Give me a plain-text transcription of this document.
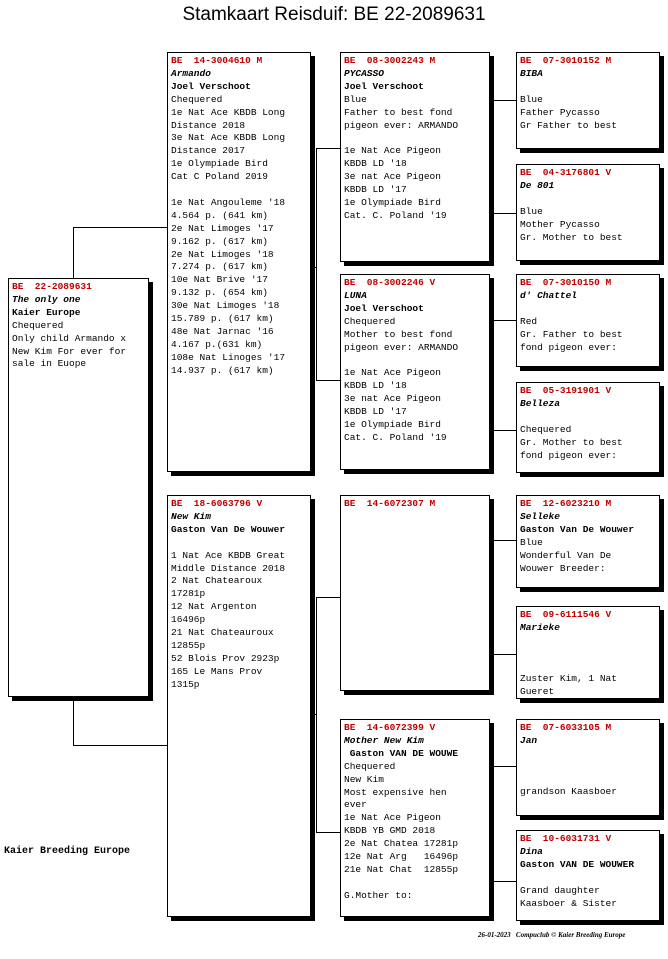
Stamkaart Reisduif: BE 22-2089631
BE  22-2089631
The only one
Kaier Europe
Chequered
Only child Armando x
New Kim For ever for
sale in Euope
BE  14-3004610 M
Armando
Joel Verschoot
Chequered
1e Nat Ace KBDB Long
Distance 2018
3e Nat Ace KBDB Long
Distance 2017
1e Olympiade Bird
Cat C Poland 2019
1e Nat Angouleme '18
4.564 p. (641 km)
2e Nat Limoges '17
9.162 p. (617 km)
2e Nat Limoges '18
7.274 p. (617 km)
10e Nat Brive '17
9.132 p. (654 km)
30e Nat Limoges '18
15.789 p. (617 km)
48e Nat Jarnac '16
4.167 p.(631 km)
108e Nat Linoges '17
14.937 p. (617 km)
BE  18-6063796 V
New Kim
Gaston Van De Wouwer
1 Nat Ace KBDB Great
Middle Distance 2018
2 Nat Chatearoux
17281p
12 Nat Argenton
16496p
21 Nat Chateauroux
12855p
52 Blois Prov 2923p
165 Le Mans Prov
1315p
BE  08-3002243 M
PYCASSO
Joel Verschoot
Blue
Father to best fond
pigeon ever: ARMANDO
1e Nat Ace Pigeon
KBDB LD '18
3e nat Ace Pigeon
KBDB LD '17
1e Olympiade Bird
Cat. C. Poland '19
BE  08-3002246 V
LUNA
Joel Verschoot
Chequered
Mother to best fond
pigeon ever: ARMANDO
1e Nat Ace Pigeon
KBDB LD '18
3e nat Ace Pigeon
KBDB LD '17
1e Olympiade Bird
Cat. C. Poland '19
BE  14-6072307 M
BE  14-6072399 V
Mother New Kim
Gaston VAN DE WOUWE
Chequered
New Kim
Most expensive hen
ever
1e Nat Ace Pigeon
KBDB YB GMD 2018
2e Nat Chatea 17281p
12e Nat Arg   16496p
21e Nat Chat  12855p
G.Mother to:
BE  07-3010152 M
BIBA
Blue
Father Pycasso
Gr Father to best
BE  04-3176801 V
De 801
Blue
Mother Pycasso
Gr. Mother to best
BE  07-3010150 M
d' Chattel
Red
Gr. Father to best
fond pigeon ever:
BE  05-3191901 V
Belleza
Chequered
Gr. Mother to best
fond pigeon ever:
BE  12-6023210 M
Selleke
Gaston Van De Wouwer
Blue
Wonderful Van De
Wouwer Breeder:
BE  09-6111546 V
Marieke
Zuster Kim, 1 Nat
Gueret
BE  07-6033105 M
Jan
grandson Kaasboer
BE  10-6031731 V
Dina
Gaston VAN DE WOUWER
Grand daughter
Kaasboer & Sister
Kaier Breeding Europe
26-01-2023   Compuclub © Kaier Breeding Europe
